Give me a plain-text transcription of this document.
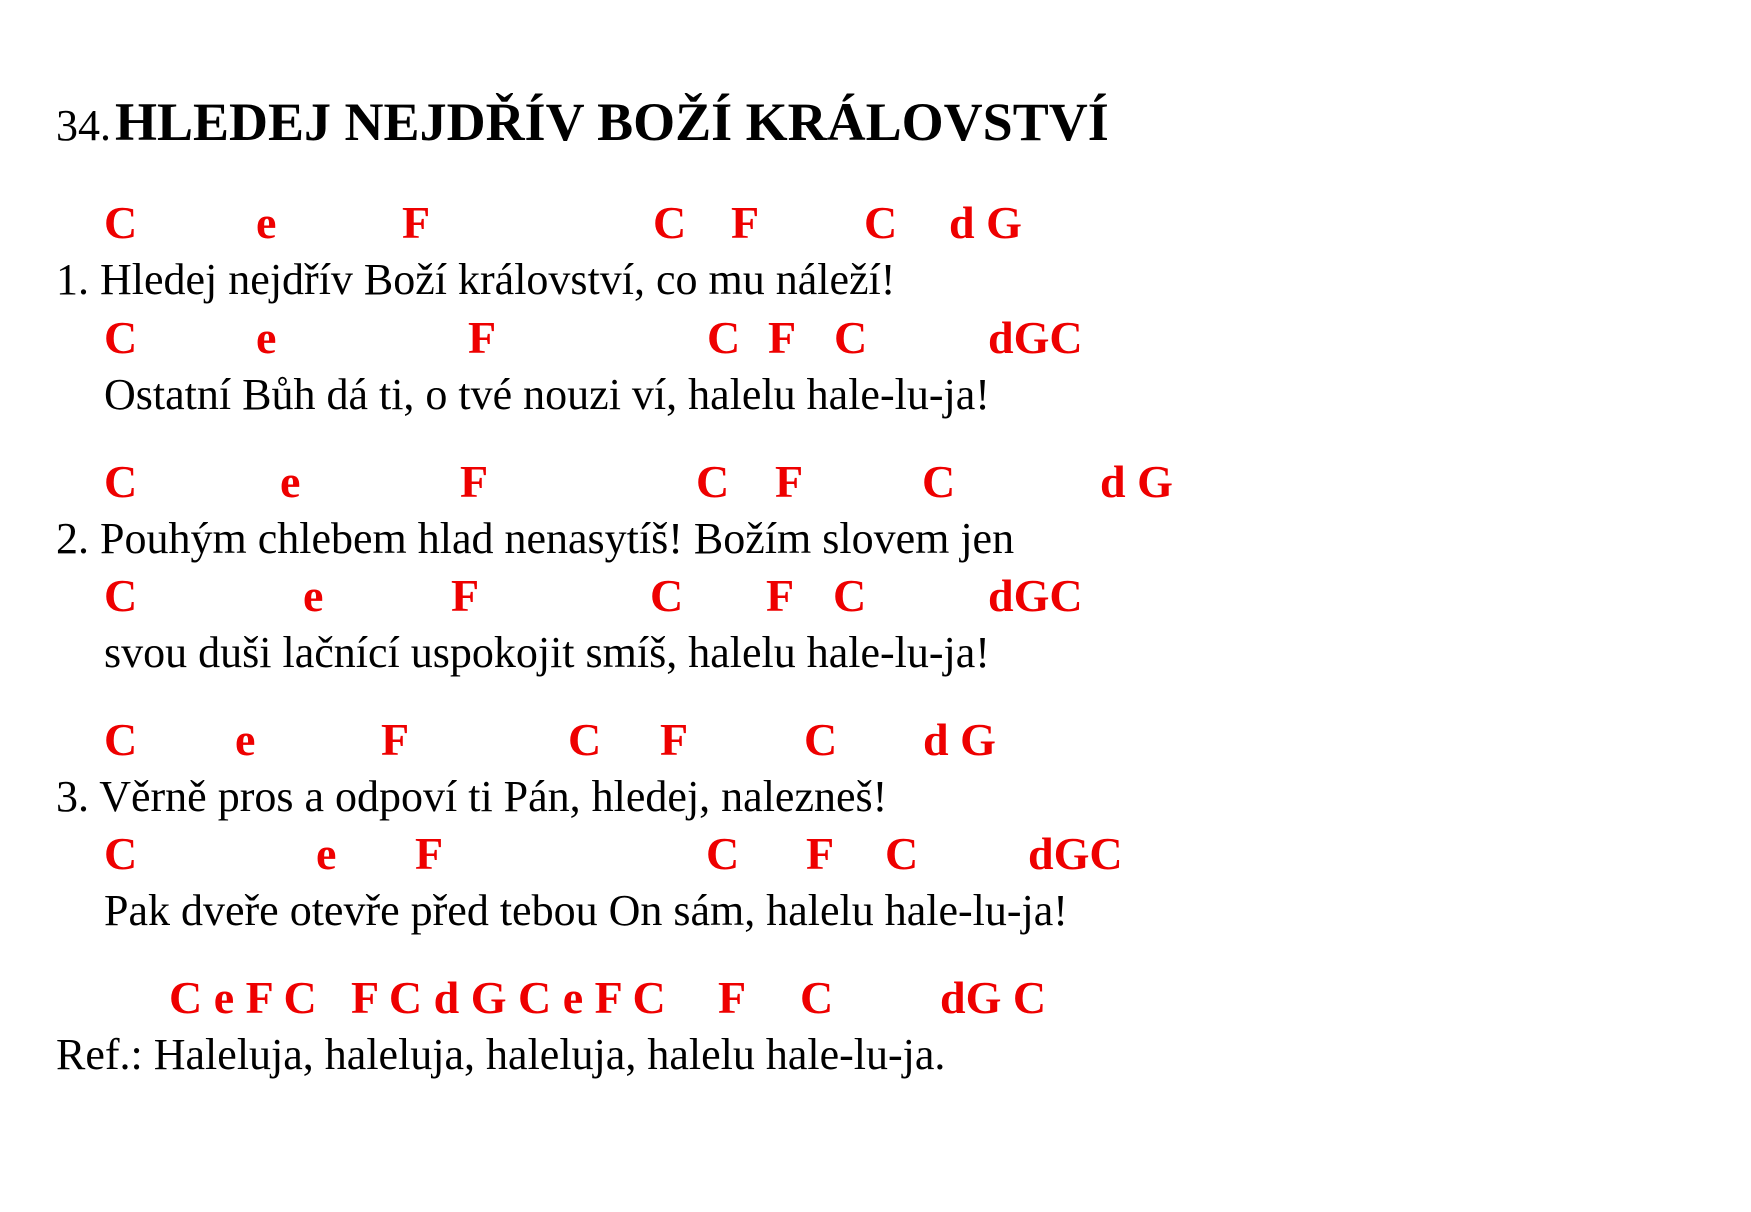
34. HLEDEJ NEJDŘÍV BOŽÍ KRÁLOVSTVÍ
C	e	F	C F C d G
1. Hledej nejdřív Boží království, co mu náleží!
C	e	F	C F C	dGC
Ostatní Bůh dá ti, o tvé nouzi ví, halelu hale-lu-ja!
C	e	F	C F	C	d G
2. Pouhým chlebem hlad nenasytíš! Božím slovem jen
C	e	F	C F C	dGC
svou duši lačnící uspokojit smíš, halelu hale-lu-ja!
C e	F	C F	C d G
3. Věrně pros a odpoví ti Pán, hledej, nalezneš!
C	e F	C F C dGC
Pak dveře otevře před tebou On sám, halelu hale-lu-ja!
C e F C F C d G C e F C F C dG C
Ref.: Haleluja, haleluja, haleluja, halelu hale-lu-ja.
